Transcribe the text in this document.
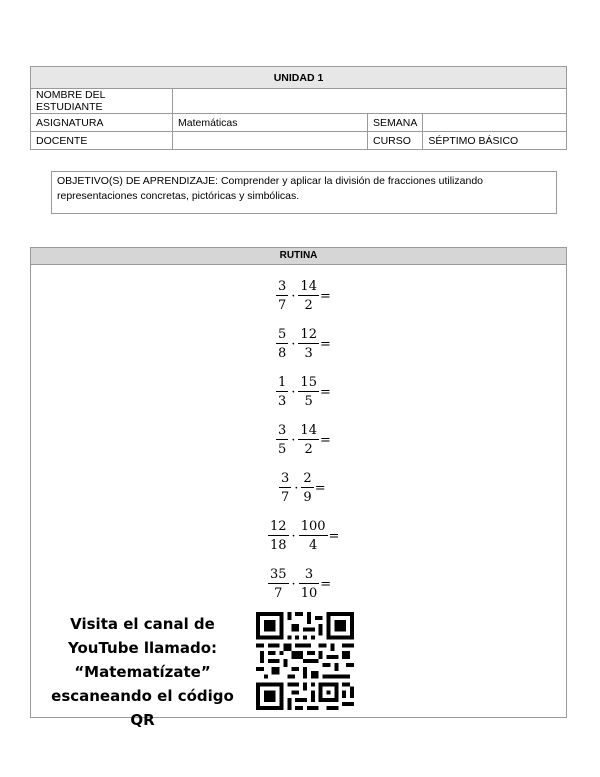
UNIDAD 1			
NOMBRE DEL ESTUDIANTE			
ASIGNATURA	Matemáticas	SEMANA	
DOCENTE		CURSO	SÉPTIMO BÁSICO
OBJETIVO(S) DE APRENDIZAJE: Comprender y aplicar la división de fracciones utilizando representaciones concretas, pictóricas y simbólicas.
RUTINA
$\frac{3}{7} \cdot \frac{14}{2}$ =
$\frac{5}{8} \cdot \frac{12}{3}$ =
$\frac{1}{3} \cdot \frac{15}{5}$ =
$\frac{3}{5} \cdot \frac{14}{2}$ =
$\frac{3}{7} \cdot \frac{2}{9}$ =
$\frac{12}{18} \cdot \frac{100}{4}$ =
$\frac{35}{7} \cdot \frac{3}{10}$ =
Visita el canal de
YouTube llamado:
“Matematízate”
escaneando el código QR
